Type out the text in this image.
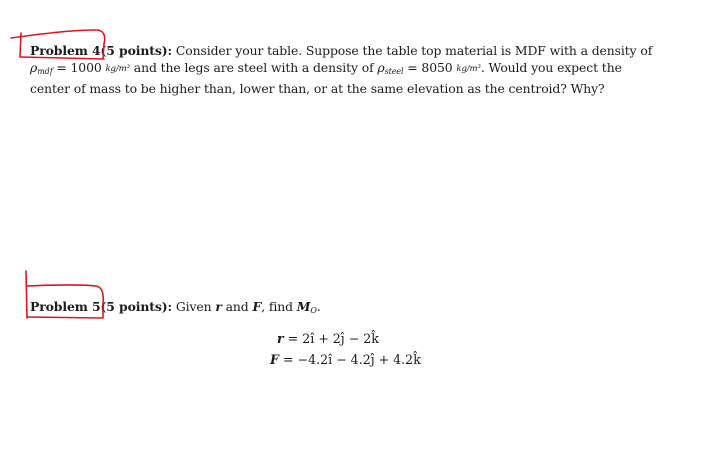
Problem 4(5 points): Consider your table. Suppose the table top material is MDF with a density of
$\rho_{mdf} = 1000$ kg/m³ and the legs are steel with a density of $\rho_{steel} = 8050$ kg/m³. Would you expect the center of mass to be higher than, lower than, or at the same elevation as the centroid? Why?
Problem 5(5 points): Given r and F, find $M_O$.
r = 2î + 2ĵ − 2k̂
F = −4.2î − 4.2ĵ + 4.2k̂
